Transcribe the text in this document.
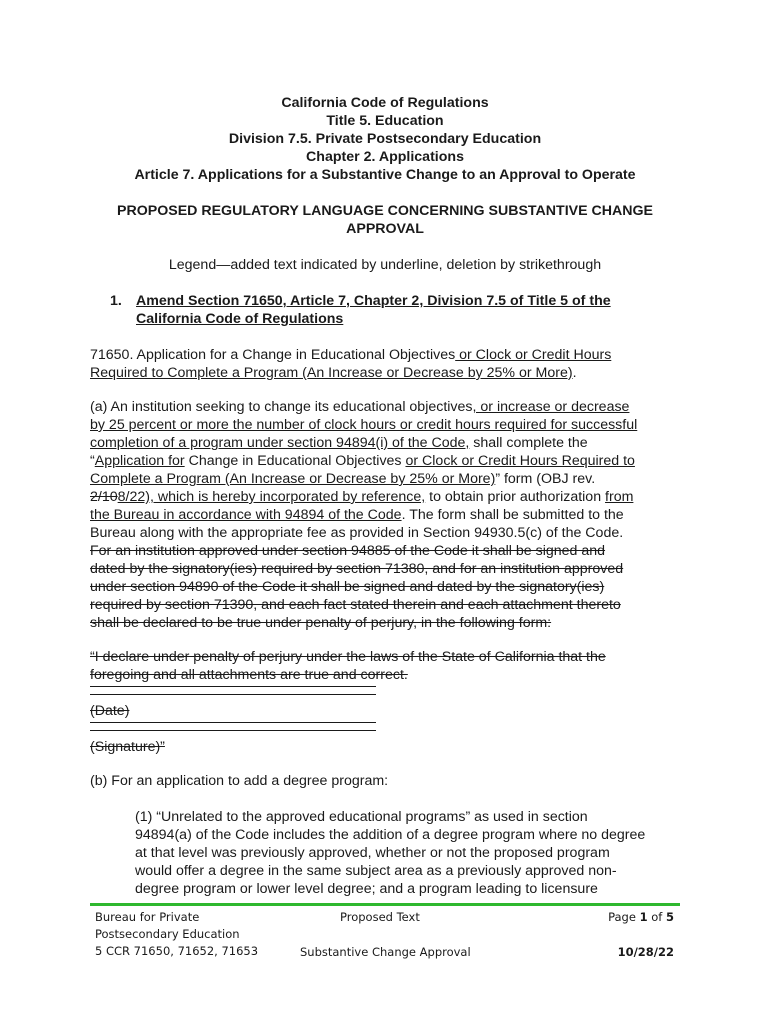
California Code of Regulations
Title 5. Education
Division 7.5. Private Postsecondary Education
Chapter 2. Applications
Article 7. Applications for a Substantive Change to an Approval to Operate
PROPOSED REGULATORY LANGUAGE CONCERNING SUBSTANTIVE CHANGE
APPROVAL
Legend—added text indicated by underline, deletion by strikethrough
1. Amend Section 71650, Article 7, Chapter 2, Division 7.5 of Title 5 of the
California Code of Regulations
71650. Application for a Change in Educational Objectives or Clock or Credit Hours
Required to Complete a Program (An Increase or Decrease by 25% or More).
(a) An institution seeking to change its educational objectives, or increase or decrease
by 25 percent or more the number of clock hours or credit hours required for successful
completion of a program under section 94894(i) of the Code, shall complete the
“Application for Change in Educational Objectives or Clock or Credit Hours Required to
Complete a Program (An Increase or Decrease by 25% or More)” form (OBJ rev.
2/108/22), which is hereby incorporated by reference, to obtain prior authorization from
the Bureau in accordance with 94894 of the Code. The form shall be submitted to the
Bureau along with the appropriate fee as provided in Section 94930.5(c) of the Code.
For an institution approved under section 94885 of the Code it shall be signed and
dated by the signatory(ies) required by section 71380, and for an institution approved
under section 94890 of the Code it shall be signed and dated by the signatory(ies)
required by section 71390, and each fact stated therein and each attachment thereto
shall be declared to be true under penalty of perjury, in the following form:
“I declare under penalty of perjury under the laws of the State of California that the
foregoing and all attachments are true and correct.
(Date)
(Signature)”
(b) For an application to add a degree program:
(1) “Unrelated to the approved educational programs” as used in section
94894(a) of the Code includes the addition of a degree program where no degree
at that level was previously approved, whether or not the proposed program
would offer a degree in the same subject area as a previously approved non-
degree program or lower level degree; and a program leading to licensure
Bureau for Private
Postsecondary Education
5 CCR 71650, 71652, 71653
Proposed Text
Substantive Change Approval
Page 1 of 5
10/28/22
